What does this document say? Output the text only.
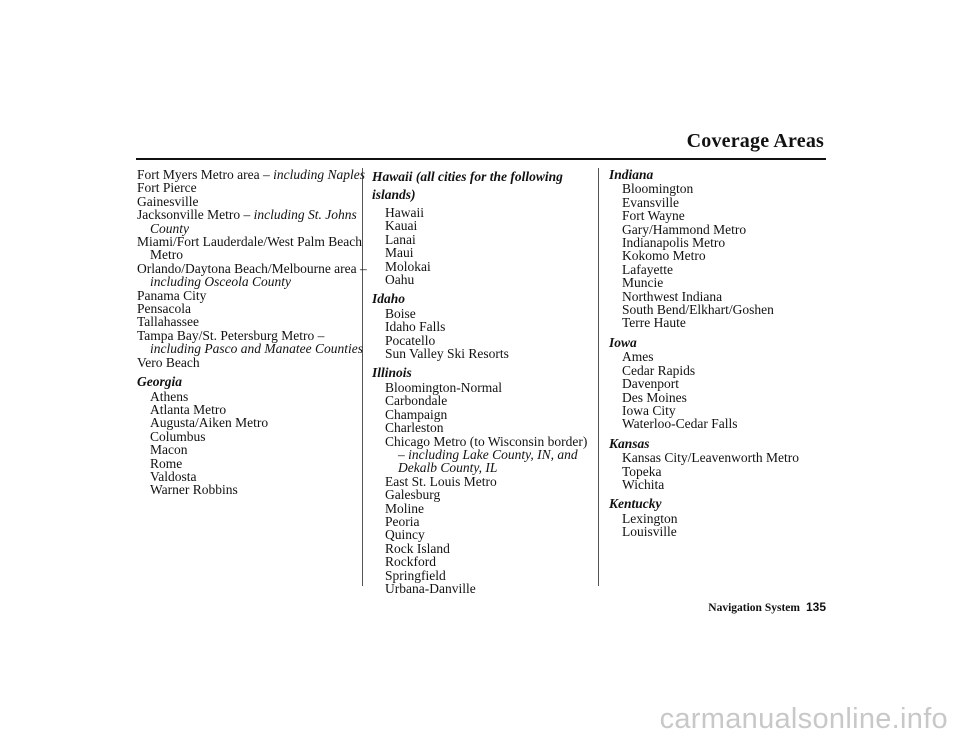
Coverage Areas
Fort Myers Metro area – including Naples
Fort Pierce
Gainesville
Jacksonville Metro – including St. Johns County
Miami/Fort Lauderdale/West Palm Beach Metro
Orlando/Daytona Beach/Melbourne area – including Osceola County
Panama City
Pensacola
Tallahassee
Tampa Bay/St. Petersburg Metro – including Pasco and Manatee Counties
Vero Beach
Georgia
Athens
Atlanta Metro
Augusta/Aiken Metro
Columbus
Macon
Rome
Valdosta
Warner Robbins
Hawaii (all cities for the following islands)
Hawaii
Kauai
Lanai
Maui
Molokai
Oahu
Idaho
Boise
Idaho Falls
Pocatello
Sun Valley Ski Resorts
Illinois
Bloomington-Normal
Carbondale
Champaign
Charleston
Chicago Metro (to Wisconsin border)
– including Lake County, IN, and Dekalb County, IL
East St. Louis Metro
Galesburg
Moline
Peoria
Quincy
Rock Island
Rockford
Springfield
Urbana-Danville
Indiana
Bloomington
Evansville
Fort Wayne
Gary/Hammond Metro
Indianapolis Metro
Kokomo Metro
Lafayette
Muncie
Northwest Indiana
South Bend/Elkhart/Goshen
Terre Haute
Iowa
Ames
Cedar Rapids
Davenport
Des Moines
Iowa City
Waterloo-Cedar Falls
Kansas
Kansas City/Leavenworth Metro
Topeka
Wichita
Kentucky
Lexington
Louisville
Navigation System 135
carmanualsonline.info
